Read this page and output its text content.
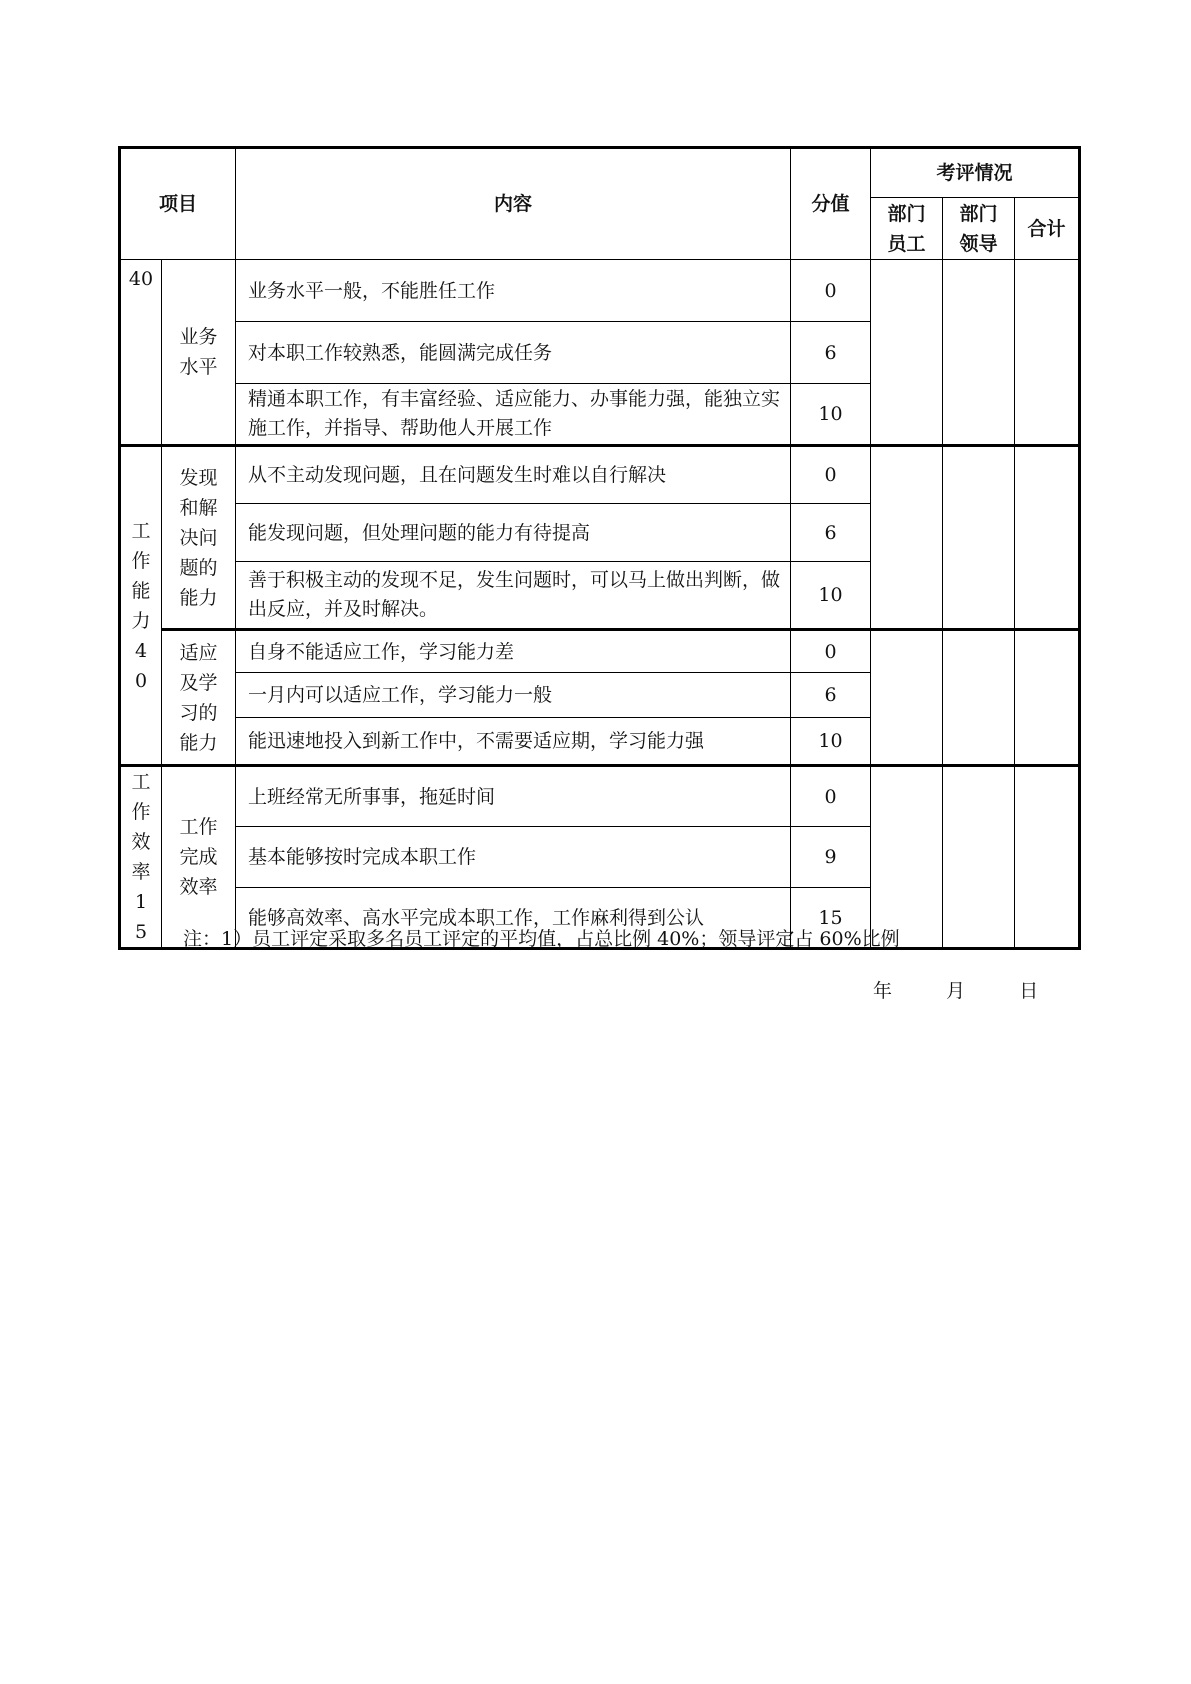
项目		内容	分值	考评情况		
				部门员工	部门领导	合计
40	业务水平	业务水平一般，不能胜任工作	0			
		对本职工作较熟悉，能圆满完成任务	6			
		精通本职工作，有丰富经验、适应能力、办事能力强，能独立实施工作，并指导、帮助他人开展工作	10			
工作能力40	发现和解决问题的能力	从不主动发现问题，且在问题发生时难以自行解决	0			
		能发现问题，但处理问题的能力有待提高	6			
		善于积极主动的发现不足，发生问题时，可以马上做出判断，做出反应，并及时解决。	10			
	适应及学习的能力	自身不能适应工作，学习能力差	0			
		一月内可以适应工作，学习能力一般	6			
		能迅速地投入到新工作中，不需要适应期，学习能力强	10			
工作效率15	工作完成效率	上班经常无所事事，拖延时间	0			
		基本能够按时完成本职工作	9			
		能够高效率、高水平完成本职工作，工作麻利得到公认	15			
注：1）员工评定采取多名员工评定的平均值，占总比例 40%；领导评定占 60%比例
年	月	日
